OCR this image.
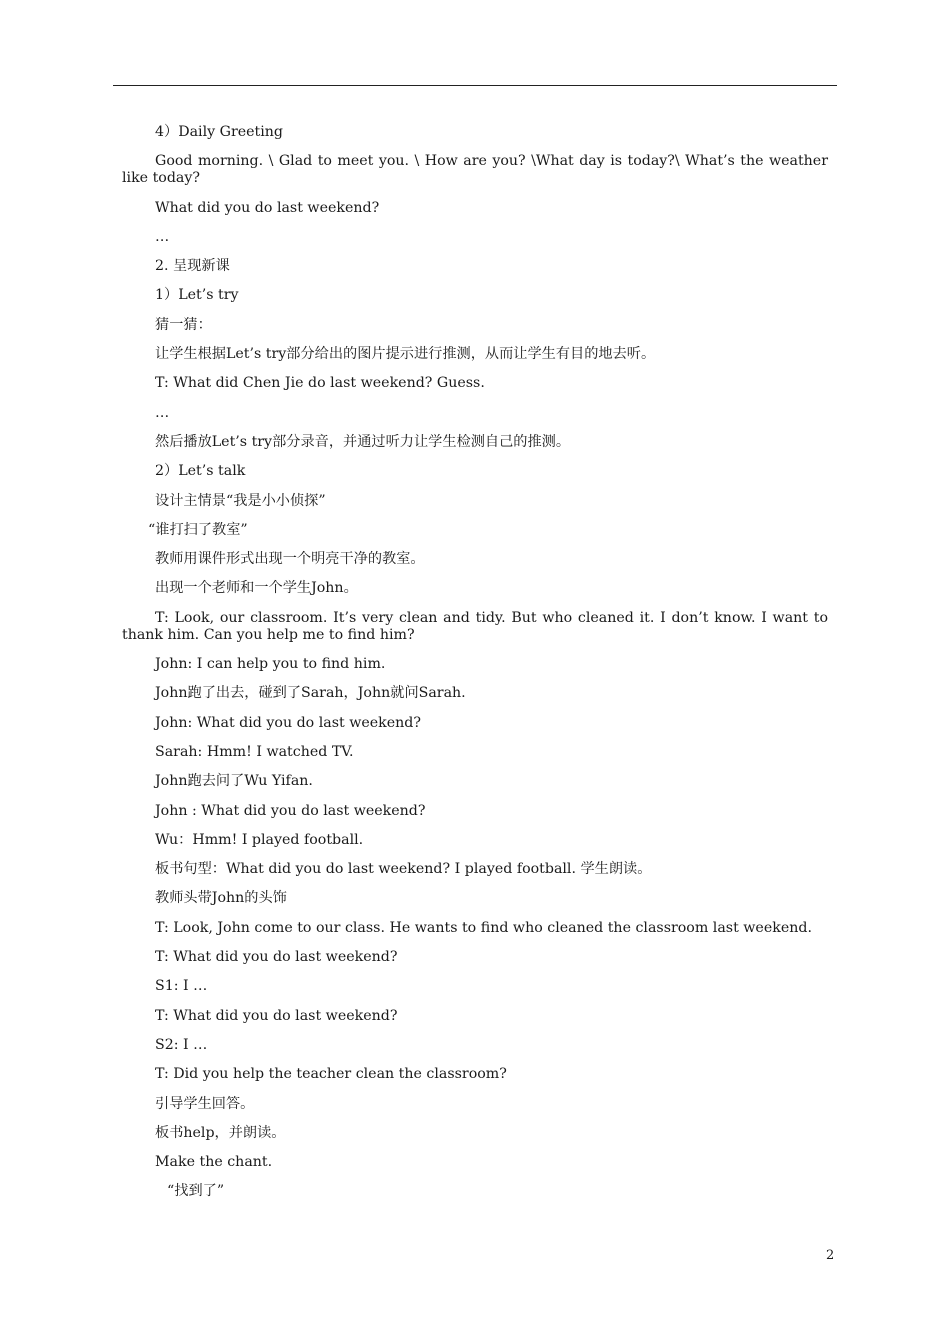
4）Daily Greeting

Good morning. \ Glad to meet you. \ How are you? \What day is today?\ What’s the weather like today?

What did you do last weekend?

…

2. 呈现新课

1）Let’s try

猜一猜：

让学生根据Let’s try部分给出的图片提示进行推测，从而让学生有目的地去听。

T: What did Chen Jie do last weekend? Guess.

…

然后播放Let’s try部分录音，并通过听力让学生检测自己的推测。

2）Let’s talk

设计主情景“我是小小侦探”

“谁打扫了教室”

教师用课件形式出现一个明亮干净的教室。

出现一个老师和一个学生John。

T: Look, our classroom. It’s very clean and tidy. But who cleaned it. I don’t know. I want to thank him. Can you help me to find him?

John: I can help you to find him.

John跑了出去，碰到了Sarah，John就问Sarah.

John: What did you do last weekend?

Sarah: Hmm! I watched TV.

John跑去问了Wu Yifan.

John : What did you do last weekend?

Wu：Hmm! I played football.

板书句型：What did you do last weekend? I played football. 学生朗读。

教师头带John的头饰

T: Look, John come to our class. He wants to find who cleaned the classroom last weekend.

T: What did you do last weekend?

S1: I …

T: What did you do last weekend?

S2: I …

T: Did you help the teacher clean the classroom?

引导学生回答。

板书help，并朗读。

Make the chant.

“找到了”

2
